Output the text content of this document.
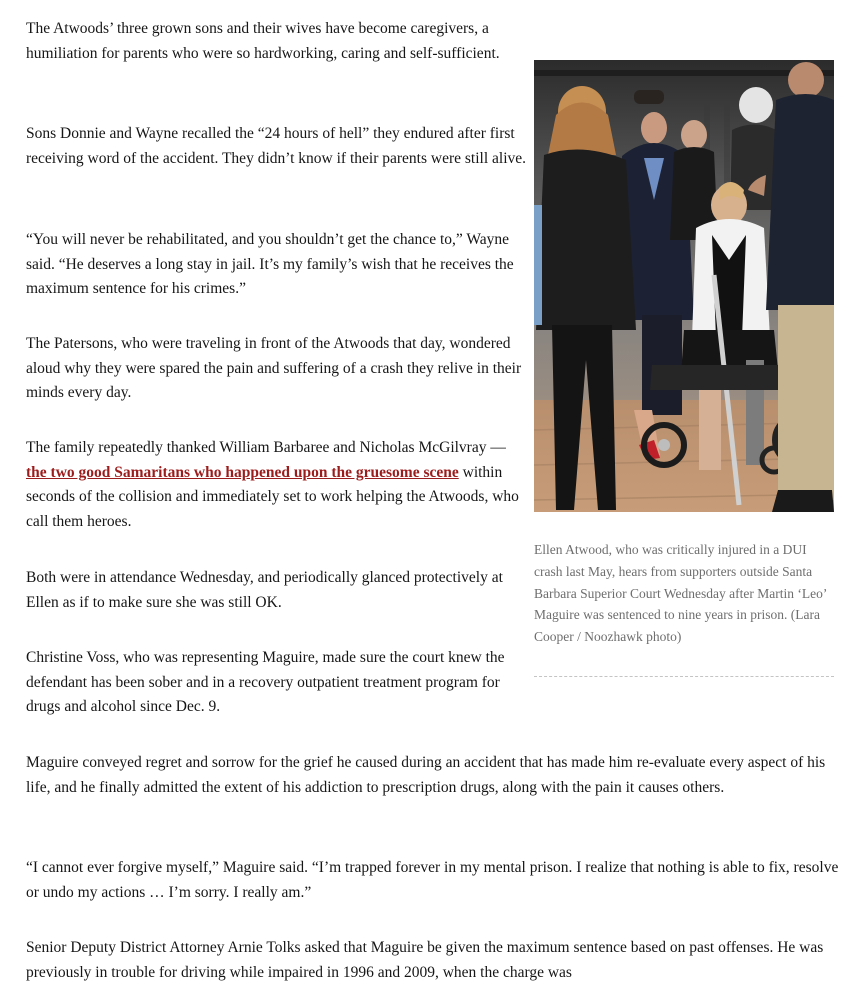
The Atwoods’ three grown sons and their wives have become caregivers, a humiliation for parents who were so hardworking, caring and self-sufficient.

Sons Donnie and Wayne recalled the “24 hours of hell” they endured after first receiving word of the accident. They didn’t know if their parents were still alive.

“You will never be rehabilitated, and you shouldn’t get the chance to,” Wayne said. “He deserves a long stay in jail. It’s my family’s wish that he receives the maximum sentence for his crimes.”

The Patersons, who were traveling in front of the Atwoods that day, wondered aloud why they were spared the pain and suffering of a crash they relive in their minds every day.

The family repeatedly thanked William Barbaree and Nicholas McGilvray — the two good Samaritans who happened upon the gruesome scene within seconds of the collision and immediately set to work helping the Atwoods, who call them heroes.

Both were in attendance Wednesday, and periodically glanced protectively at Ellen as if to make sure she was still OK.

Christine Voss, who was representing Maguire, made sure the court knew the defendant has been sober and in a recovery outpatient treatment program for drugs and alcohol since Dec. 9.

Maguire conveyed regret and sorrow for the grief he caused during an accident that has made him re-evaluate every aspect of his life, and he finally admitted the extent of his addiction to prescription drugs, along with the pain it causes others.

“I cannot ever forgive myself,” Maguire said. “I’m trapped forever in my mental prison. I realize that nothing is able to fix, resolve or undo my actions … I’m sorry. I really am.”

Senior Deputy District Attorney Arnie Tolks asked that Maguire be given the maximum sentence based on past offenses. He was previously in trouble for driving while impaired in 1996 and 2009, when the charge was

Ellen Atwood, who was critically injured in a DUI crash last May, hears from supporters outside Santa Barbara Superior Court Wednesday after Martin ‘Leo’ Maguire was sentenced to nine years in prison. (Lara Cooper / Noozhawk photo)
